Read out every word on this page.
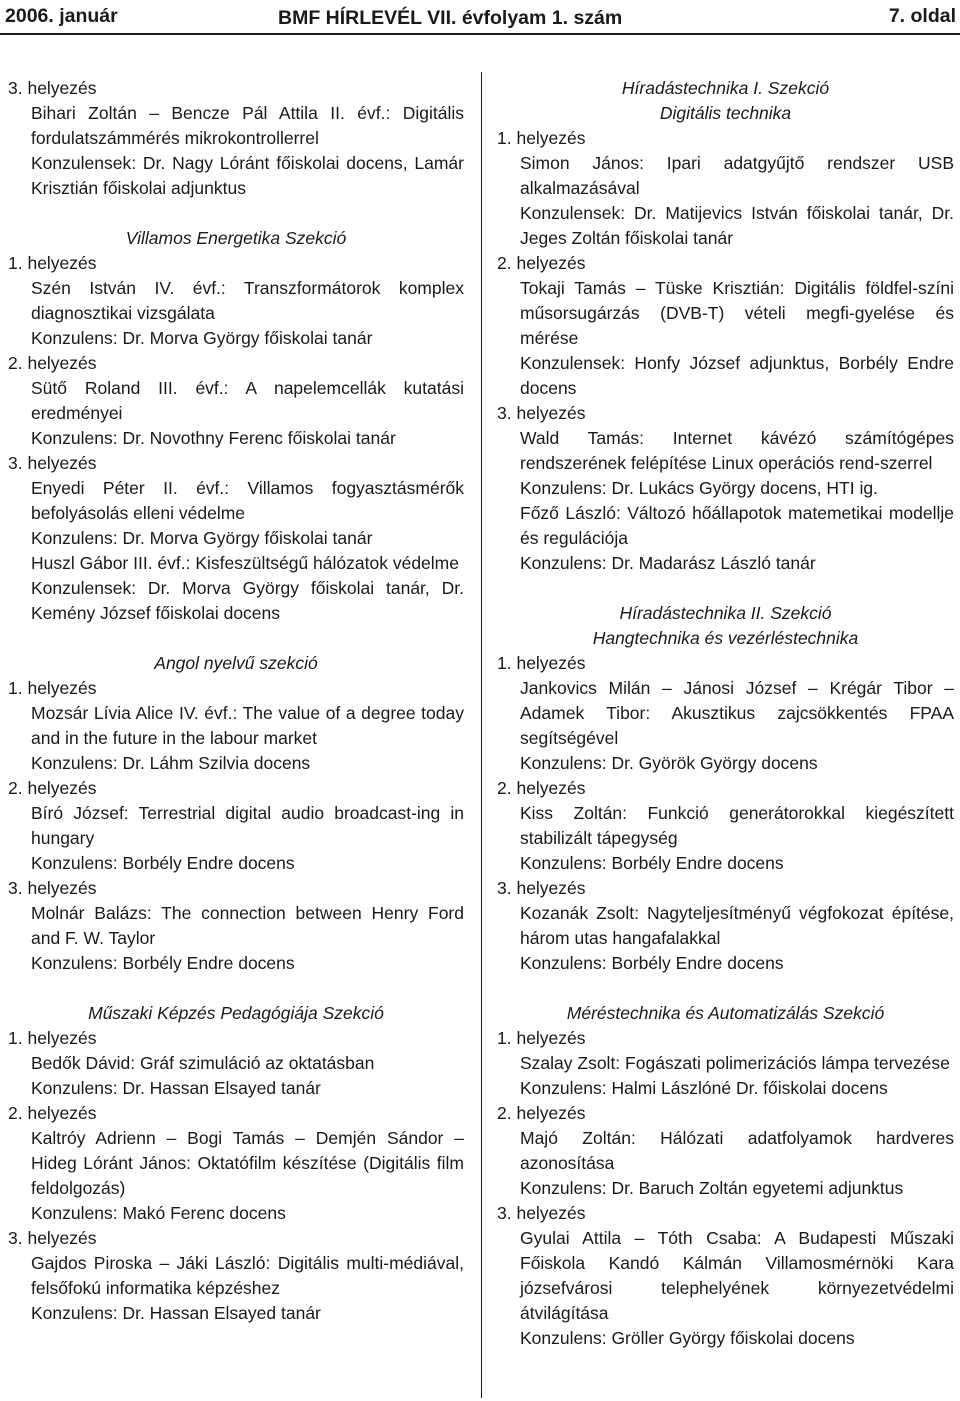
2006. január	BMF HÍRLEVÉL VII. évfolyam 1. szám	7. oldal
3. helyezés
Bihari Zoltán – Bencze Pál Attila II. évf.: Digitális fordulatszámmérés mikrokontrollerrel
Konzulensek: Dr. Nagy Lóránt főiskolai docens, Lamár Krisztián főiskolai adjunktus
Villamos Energetika Szekció
1. helyezés
Szén István IV. évf.: Transzformátorok komplex diagnosztikai vizsgálata
Konzulens: Dr. Morva György főiskolai tanár
2. helyezés
Sütő Roland III. évf.: A napelemcellák kutatási eredményei
Konzulens: Dr. Novothny Ferenc főiskolai tanár
3. helyezés
Enyedi Péter II. évf.: Villamos fogyasztásmérők befolyásolás elleni védelme
Konzulens: Dr. Morva György főiskolai tanár
Huszl Gábor III. évf.: Kisfeszültségű hálózatok védelme
Konzulensek: Dr. Morva György főiskolai tanár, Dr. Kemény József főiskolai docens
Angol nyelvű szekció
1. helyezés
Mozsár Lívia Alice IV. évf.: The value of a degree today and in the future in the labour market
Konzulens: Dr. Láhm Szilvia docens
2. helyezés
Bíró József: Terrestrial digital audio broadcast-ing in hungary
Konzulens: Borbély Endre docens
3. helyezés
Molnár Balázs: The connection between Henry Ford and F. W. Taylor
Konzulens: Borbély Endre docens
Műszaki Képzés Pedagógiája Szekció
1. helyezés
Bedők Dávid: Gráf szimuláció az oktatásban
Konzulens: Dr. Hassan Elsayed tanár
2. helyezés
Kaltróy Adrienn – Bogi Tamás – Demjén Sándor – Hideg Lóránt János: Oktatófilm készítése (Digitális film feldolgozás)
Konzulens: Makó Ferenc docens
3. helyezés
Gajdos Piroska – Jáki László: Digitális multi-médiával, felsőfokú informatika képzéshez
Konzulens: Dr. Hassan Elsayed tanár
Híradástechnika I. Szekció
Digitális technika
1. helyezés
Simon János: Ipari adatgyűjtő rendszer USB alkalmazásával
Konzulensek: Dr. Matijevics István főiskolai tanár, Dr. Jeges Zoltán főiskolai tanár
2. helyezés
Tokaji Tamás – Tüske Krisztián: Digitális földfel-színi műsorsugárzás (DVB-T) vételi megfi-gyelése és mérése
Konzulensek: Honfy József adjunktus, Borbély Endre docens
3. helyezés
Wald Tamás: Internet kávézó számítógépes rendszerének felépítése Linux operációs rend-szerrel
Konzulens: Dr. Lukács György docens, HTI ig.
Főző László: Változó hőállapotok matemetikai modellje és regulációja
Konzulens: Dr. Madarász László tanár
Híradástechnika II. Szekció
Hangtechnika és vezérléstechnika
1. helyezés
Jankovics Milán – Jánosi József – Krégár Tibor – Adamek Tibor: Akusztikus zajcsökkentés FPAA segítségével
Konzulens: Dr. Györök György docens
2. helyezés
Kiss Zoltán: Funkció generátorokkal kiegészített stabilizált tápegység
Konzulens: Borbély Endre docens
3. helyezés
Kozanák Zsolt: Nagyteljesítményű végfokozat építése, három utas hangafalakkal
Konzulens: Borbély Endre docens
Méréstechnika és Automatizálás Szekció
1. helyezés
Szalay Zsolt: Fogászati polimerizációs lámpa tervezése
Konzulens: Halmi Lászlóné Dr. főiskolai docens
2. helyezés
Majó Zoltán: Hálózati adatfolyamok hardveres azonosítása
Konzulens: Dr. Baruch Zoltán egyetemi adjunktus
3. helyezés
Gyulai Attila – Tóth Csaba: A Budapesti Műszaki Főiskola Kandó Kálmán Villamosmérnöki Kara józsefvárosi telephelyének környezetvédelmi átvilágítása
Konzulens: Gröller György főiskolai docens
